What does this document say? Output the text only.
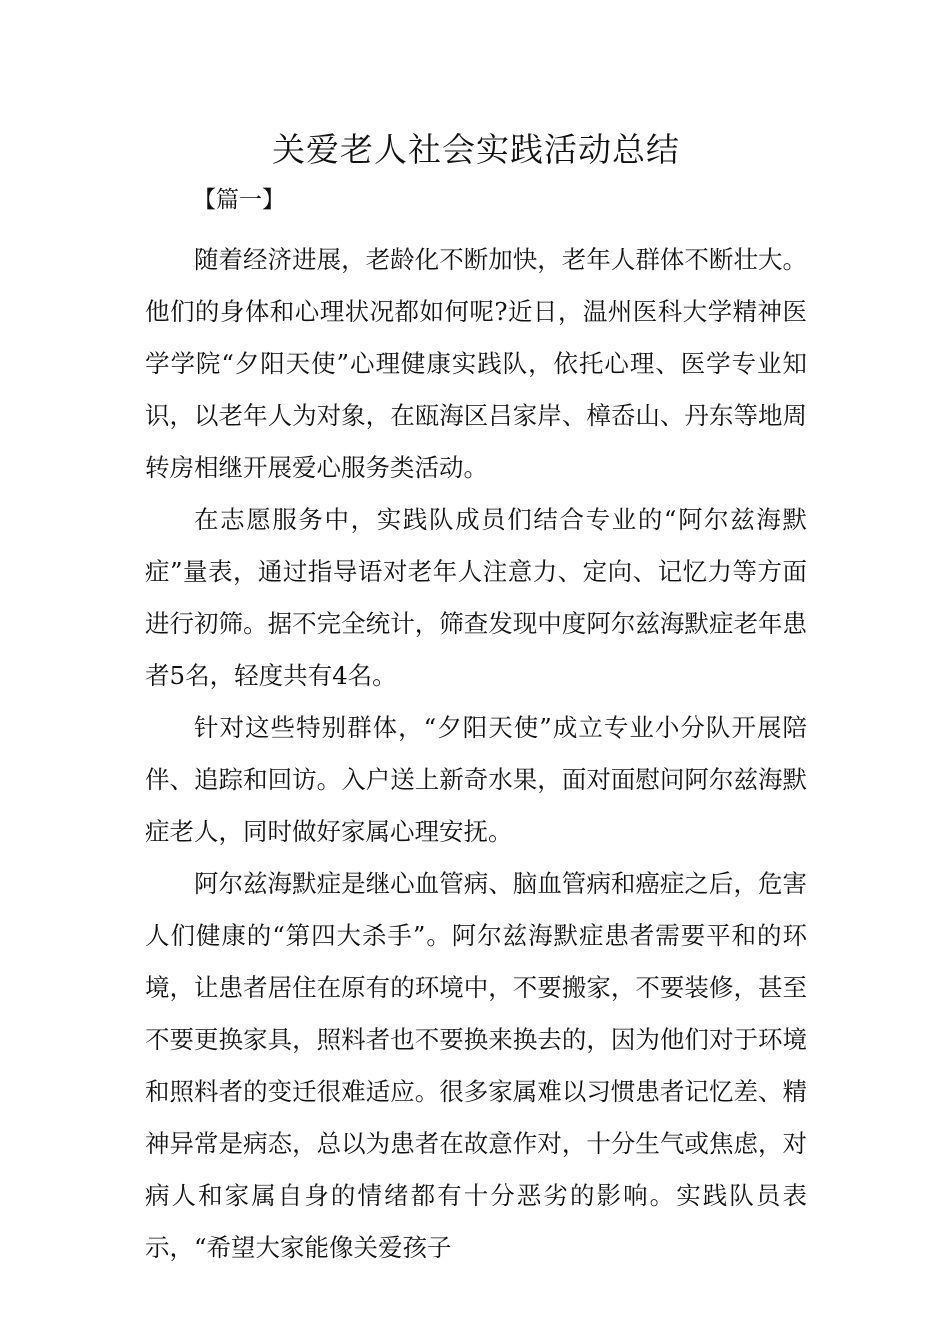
关爱老人社会实践活动总结

【篇一】

随着经济进展，老龄化不断加快，老年人群体不断壮大。他们的身体和心理状况都如何呢?近日，温州医科大学精神医学学院“夕阳天使”心理健康实践队，依托心理、医学专业知识，以老年人为对象，在瓯海区吕家岸、樟岙山、丹东等地周转房相继开展爱心服务类活动。

在志愿服务中，实践队成员们结合专业的“阿尔兹海默症”量表，通过指导语对老年人注意力、定向、记忆力等方面进行初筛。据不完全统计，筛查发现中度阿尔兹海默症老年患者5名，轻度共有4名。

针对这些特别群体，“夕阳天使”成立专业小分队开展陪伴、追踪和回访。入户送上新奇水果，面对面慰问阿尔兹海默症老人，同时做好家属心理安抚。

阿尔兹海默症是继心血管病、脑血管病和癌症之后，危害人们健康的“第四大杀手”。阿尔兹海默症患者需要平和的环境，让患者居住在原有的环境中，不要搬家，不要装修，甚至不要更换家具，照料者也不要换来换去的，因为他们对于环境和照料者的变迁很难适应。很多家属难以习惯患者记忆差、精神异常是病态，总以为患者在故意作对，十分生气或焦虑，对病人和家属自身的情绪都有十分恶劣的影响。实践队员表示，“希望大家能像关爱孩子
